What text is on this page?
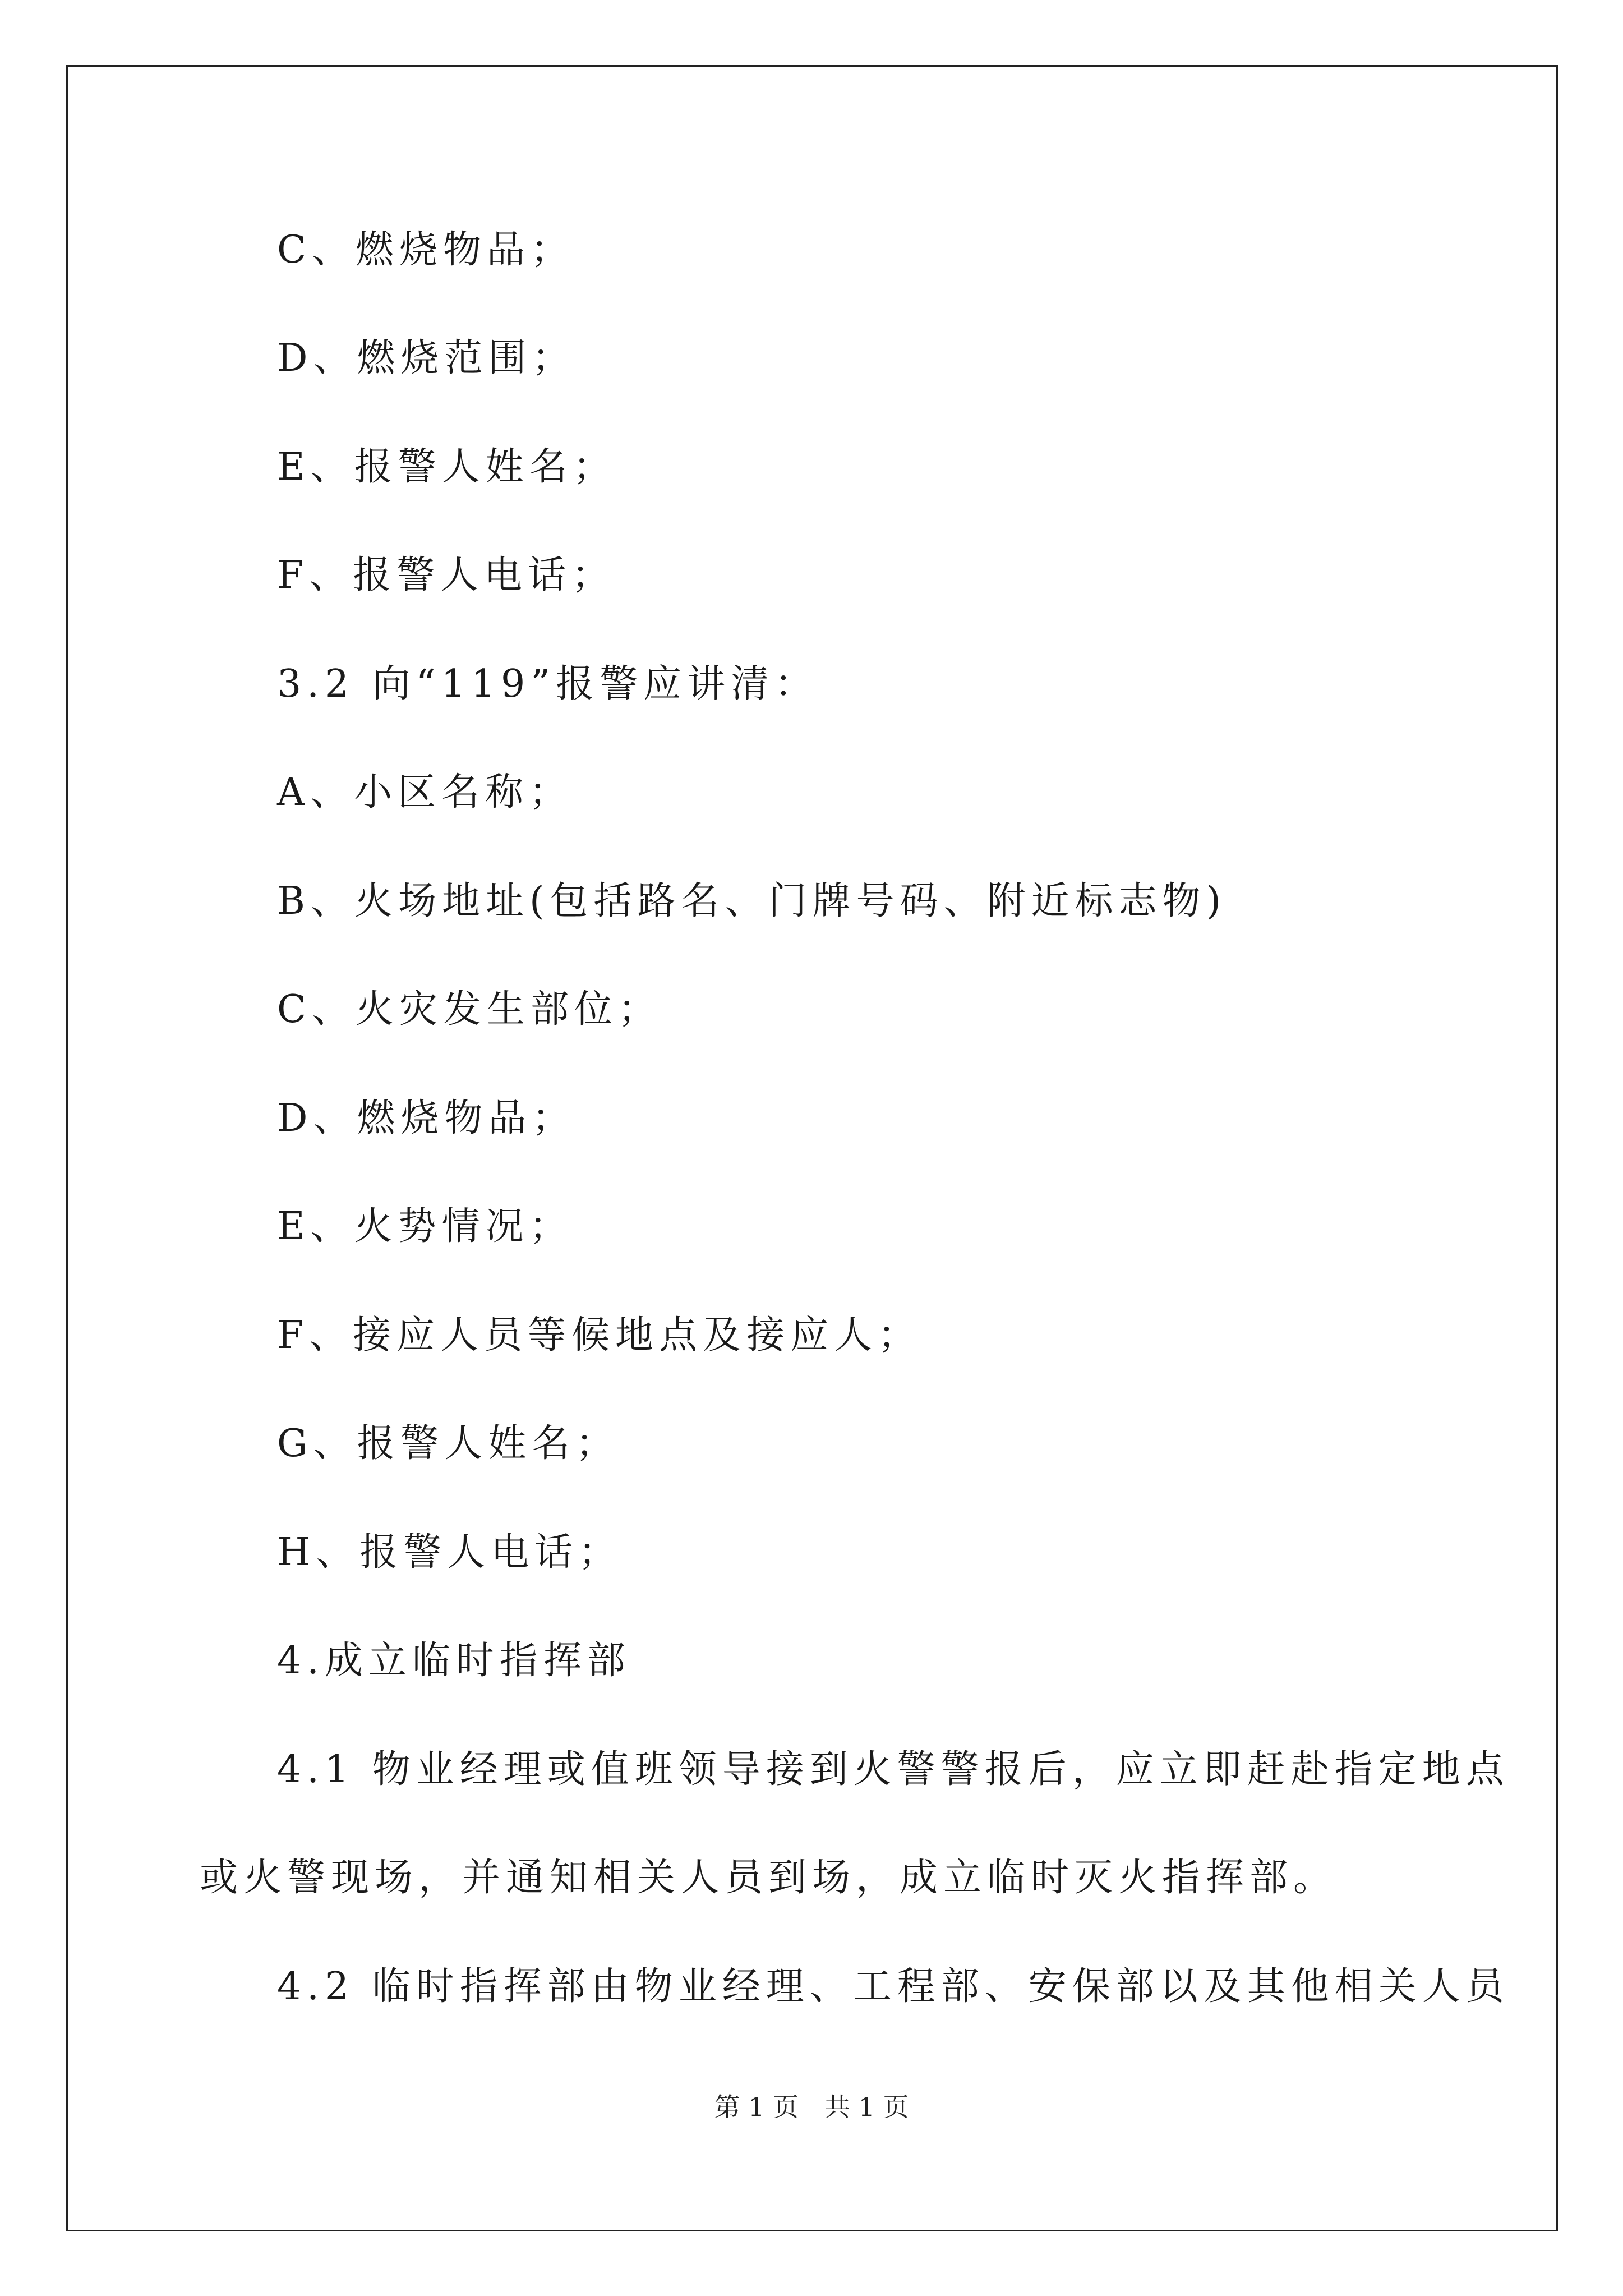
C、燃烧物品；
D、燃烧范围；
E、报警人姓名；
F、报警人电话；
3.2 向“119”报警应讲清：
A、小区名称；
B、火场地址(包括路名、门牌号码、附近标志物)
C、火灾发生部位；
D、燃烧物品；
E、火势情况；
F、接应人员等候地点及接应人；
G、报警人姓名；
H、报警人电话；
4.成立临时指挥部
4.1 物业经理或值班领导接到火警警报后，应立即赶赴指定地点
或火警现场，并通知相关人员到场，成立临时灭火指挥部。
4.2 临时指挥部由物业经理、工程部、安保部以及其他相关人员
第 1 页　共 1 页
